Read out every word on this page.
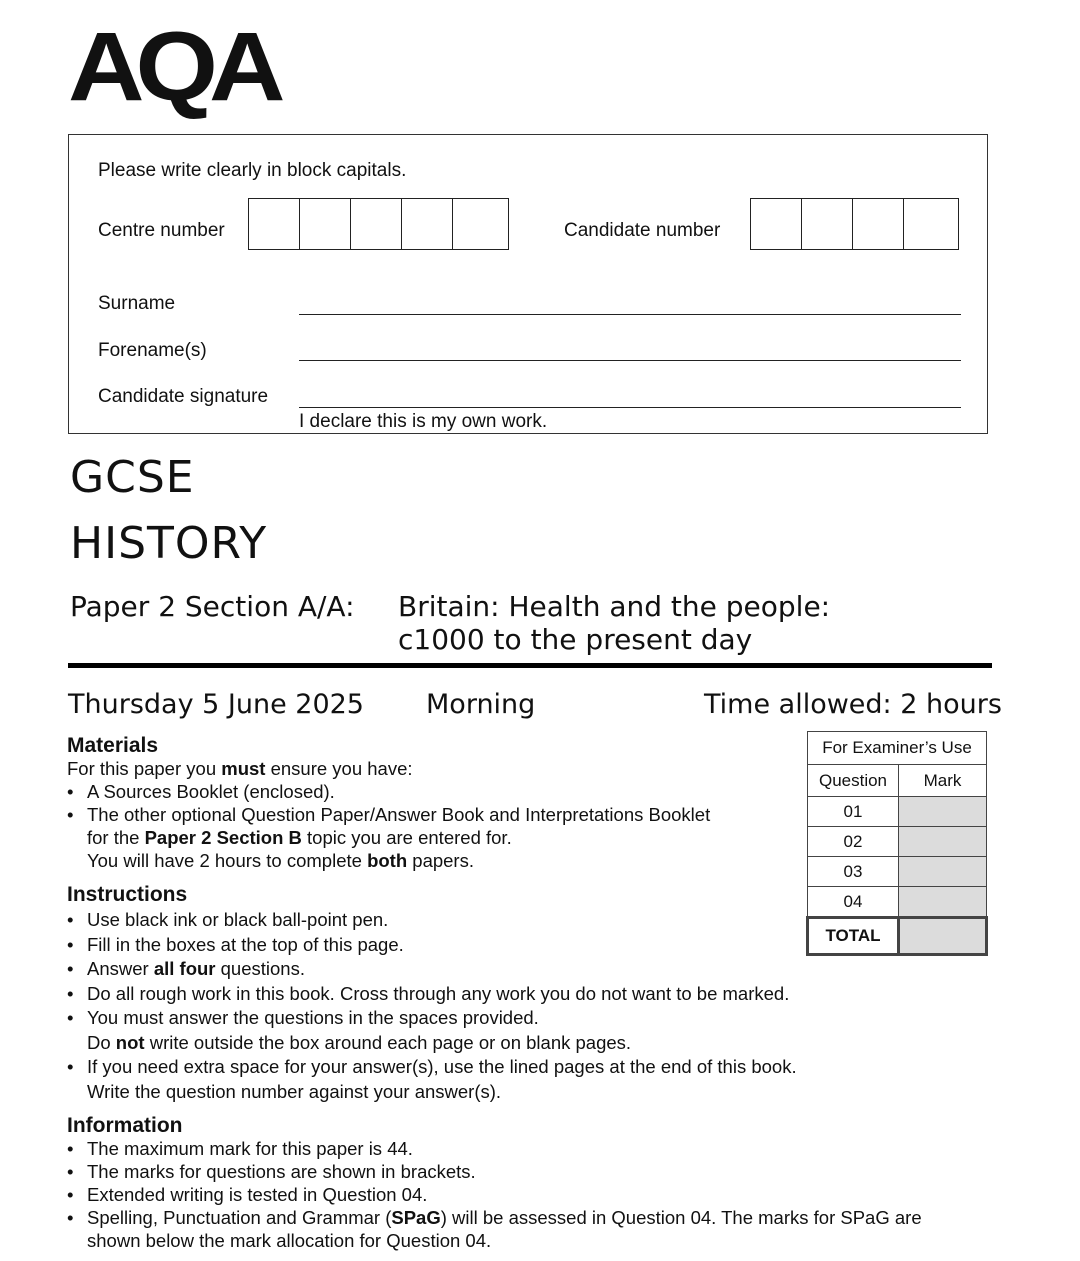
AQA
Please write clearly in block capitals.
Centre number	Candidate number
Surname
Forename(s)
Candidate signature
I declare this is my own work.
GCSE
HISTORY
Paper 2 Section A/A: Britain: Health and the people:
c1000 to the present day
Thursday 5 June 2025 Morning	Time allowed: 2 hours
Materials
For this paper you must ensure you have:
• A Sources Booklet (enclosed).
• The other optional Question Paper/Answer Book and Interpretations Booklet
for the Paper 2 Section B topic you are entered for.
You will have 2 hours to complete both papers.
Instructions
• Use black ink or black ball-point pen.
• Fill in the boxes at the top of this page.
• Answer all four questions.
• Do all rough work in this book. Cross through any work you do not want to be marked.
• You must answer the questions in the spaces provided.
Do not write outside the box around each page or on blank pages.
• If you need extra space for your answer(s), use the lined pages at the end of this book.
Write the question number against your answer(s).
Information
• The maximum mark for this paper is 44.
• The marks for questions are shown in brackets.
• Extended writing is tested in Question 04.
• Spelling, Punctuation and Grammar (SPaG) will be assessed in Question 04. The marks for SPaG are
shown below the mark allocation for Question 04.
For Examiner’s Use	
Question	Mark
01	
02	
03	
04	
TOTAL	
